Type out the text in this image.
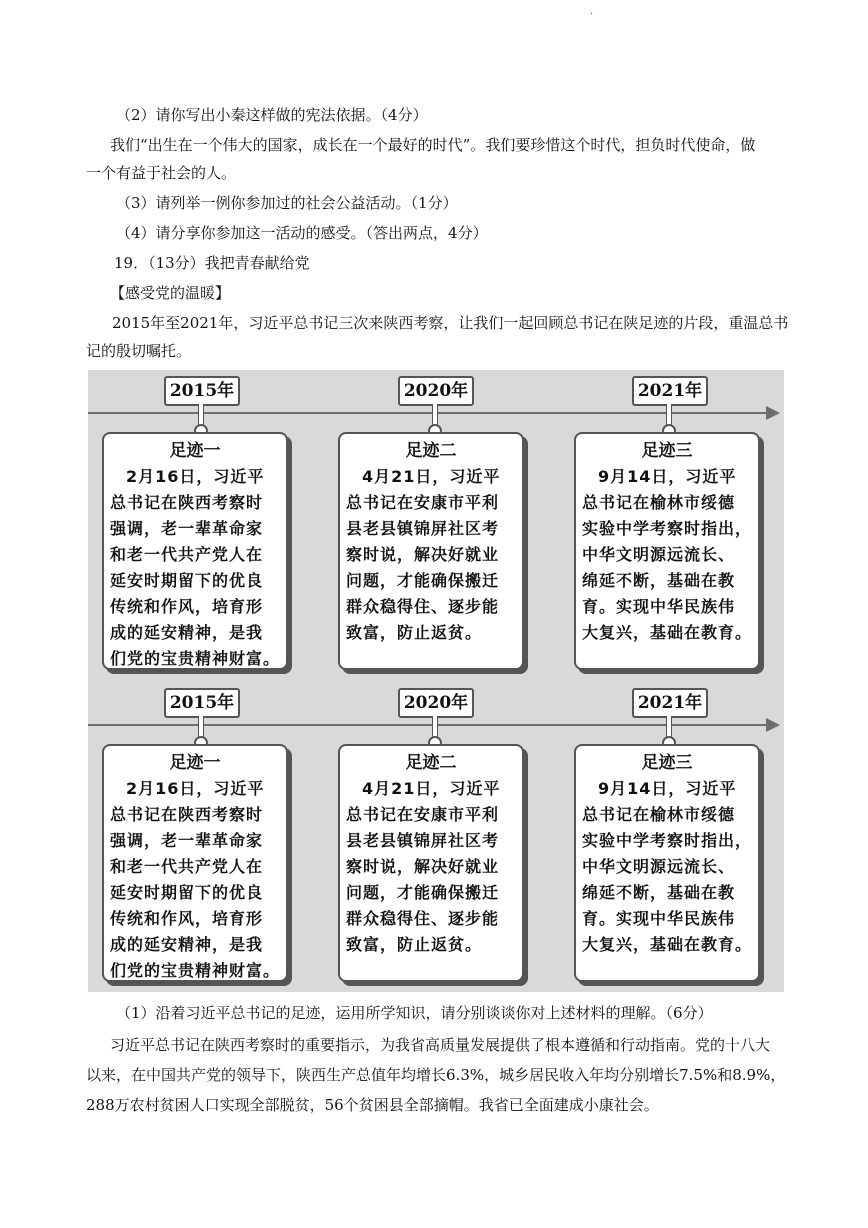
.
（2）请你写出小秦这样做的宪法依据。（4分）
我们“出生在一个伟大的国家，成长在一个最好的时代”。我们要珍惜这个时代，担负时代使命，做
一个有益于社会的人。
（3）请列举一例你参加过的社会公益活动。（1分）
（4）请分享你参加这一活动的感受。（答出两点，4分）
19．（13分）我把青春献给党
【感受党的温暖】
2015年至2021年，习近平总书记三次来陕西考察，让我们一起回顾总书记在陕足迹的片段，重温总书
记的殷切嘱托。
2015年
足迹一
2月16日，习近平
总书记在陕西考察时
强调，老一辈革命家
和老一代共产党人在
延安时期留下的优良
传统和作风，培育形
成的延安精神，是我
们党的宝贵精神财富。
2020年
足迹二
4月21日，习近平
总书记在安康市平利
县老县镇锦屏社区考
察时说，解决好就业
问题，才能确保搬迁
群众稳得住、逐步能
致富，防止返贫。
2021年
足迹三
9月14日，习近平
总书记在榆林市绥德
实验中学考察时指出，
中华文明源远流长、
绵延不断，基础在教
育。实现中华民族伟
大复兴，基础在教育。
2015年
足迹一
2月16日，习近平
总书记在陕西考察时
强调，老一辈革命家
和老一代共产党人在
延安时期留下的优良
传统和作风，培育形
成的延安精神，是我
们党的宝贵精神财富。
2020年
足迹二
4月21日，习近平
总书记在安康市平利
县老县镇锦屏社区考
察时说，解决好就业
问题，才能确保搬迁
群众稳得住、逐步能
致富，防止返贫。
2021年
足迹三
9月14日，习近平
总书记在榆林市绥德
实验中学考察时指出，
中华文明源远流长、
绵延不断，基础在教
育。实现中华民族伟
大复兴，基础在教育。
（1）沿着习近平总书记的足迹，运用所学知识，请分别谈谈你对上述材料的理解。（6分）
习近平总书记在陕西考察时的重要指示，为我省高质量发展提供了根本遵循和行动指南。党的十八大
以来，在中国共产党的领导下，陕西生产总值年均增长6.3%，城乡居民收入年均分别增长7.5%和8.9%，
288万农村贫困人口实现全部脱贫，56个贫困县全部摘帽。我省已全面建成小康社会。
